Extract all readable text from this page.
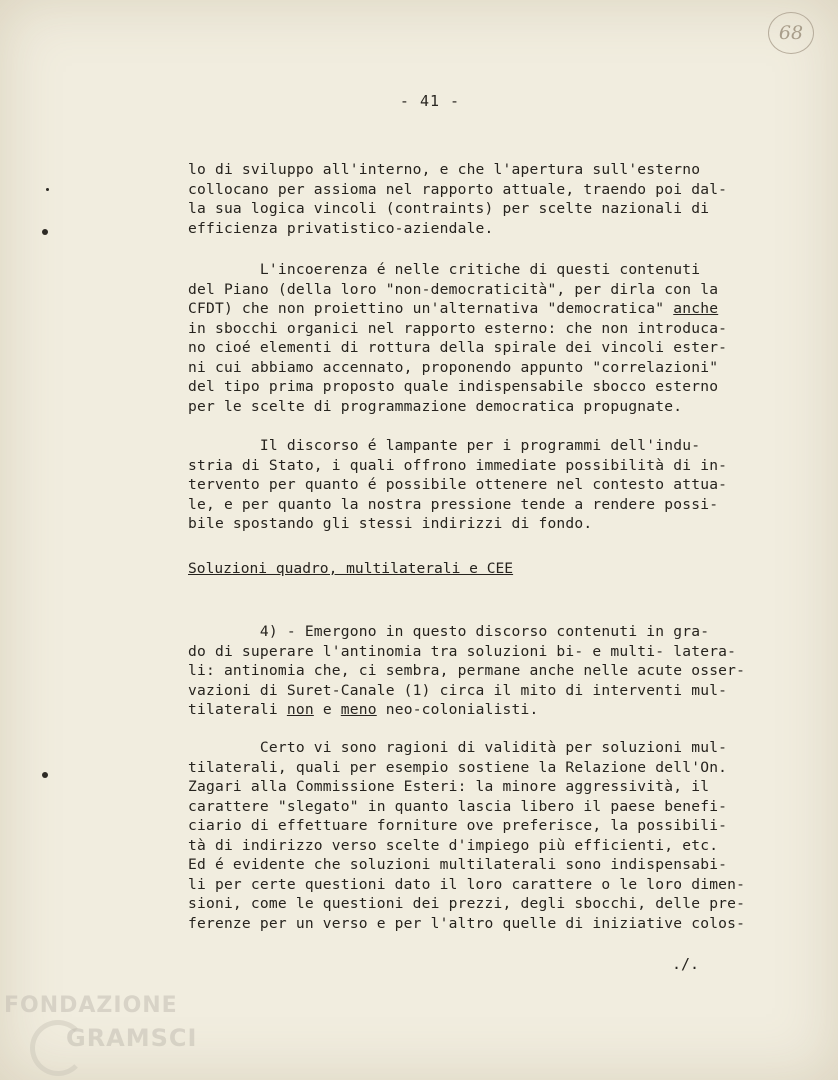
68
- 41 -
lo di sviluppo all'interno, e che l'apertura sull'esterno
collocano per assioma nel rapporto attuale, traendo poi dal-
la sua logica vincoli (contraints) per scelte nazionali di
efficienza privatistico-aziendale.
L'incoerenza é nelle critiche di questi contenuti
del Piano (della loro "non-democraticità", per dirla con la
CFDT) che non proiettino un'alternativa "democratica" anche
in sbocchi organici nel rapporto esterno: che non introduca-
no cioé elementi di rottura della spirale dei vincoli ester-
ni cui abbiamo accennato, proponendo appunto "correlazioni"
del tipo prima proposto quale indispensabile sbocco esterno
per le scelte di programmazione democratica propugnate.
Il discorso é lampante per i programmi dell'indu-
stria di Stato, i quali offrono immediate possibilità di in-
tervento per quanto é possibile ottenere nel contesto attua-
le, e per quanto la nostra pressione tende a rendere possi-
bile spostando gli stessi indirizzi di fondo.
Soluzioni quadro, multilaterali e CEE
4) - Emergono in questo discorso contenuti in gra-
do di superare l'antinomia tra soluzioni bi- e multi- latera-
li: antinomia che, ci sembra, permane anche nelle acute osser-
vazioni di Suret-Canale (1) circa il mito di interventi mul-
tilaterali non e meno neo-colonialisti.
Certo vi sono ragioni di validità per soluzioni mul-
tilaterali, quali per esempio sostiene la Relazione dell'On.
Zagari alla Commissione Esteri: la minore aggressività, il
carattere "slegato" in quanto lascia libero il paese benefi-
ciario di effettuare forniture ove preferisce, la possibili-
tà di indirizzo verso scelte d'impiego più efficienti, etc.
Ed é evidente che soluzioni multilaterali sono indispensabi-
li per certe questioni dato il loro carattere o le loro dimen-
sioni, come le questioni dei prezzi, degli sbocchi, delle pre-
ferenze per un verso e per l'altro quelle di iniziative colos-
./.
FONDAZIONE
GRAMSCI
